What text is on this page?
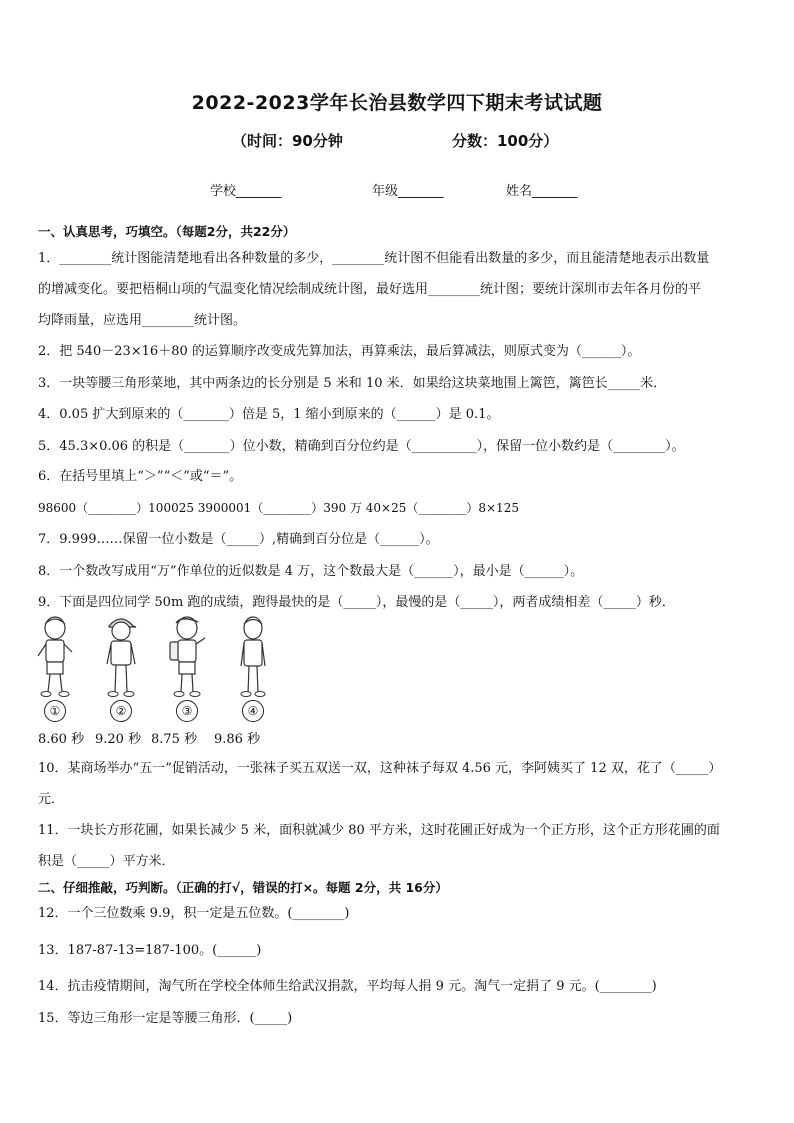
2022-2023学年长治县数学四下期末考试试题
（时间：90分钟	分数：100分）
学校_______	年级_______	姓名_______
一、认真思考，巧填空。（每题2分，共22分）
1．________统计图能清楚地看出各种数量的多少，________统计图不但能看出数量的多少，而且能清楚地表示出数量
的增减变化。要把梧桐山项的气温变化情况绘制成统计图，最好选用________统计图；要统计深圳市去年各月份的平
均降雨量，应选用________统计图。
2．把 540－23×16＋80 的运算顺序改变成先算加法，再算乘法，最后算减法，则原式变为（______）。
3．一块等腰三角形菜地，其中两条边的长分别是 5 米和 10 米．如果给这块菜地围上篱笆，篱笆长_____米．
4．0.05 扩大到原来的（_______）倍是 5，1 缩小到原来的（______）是 0.1。
5．45.3×0.06 的积是（_______）位小数，精确到百分位约是（__________），保留一位小数约是（________）。
6．在括号里填上“＞”“＜”或“＝”。
98600（________）100025 3900001（________）390 万 40×25（________）8×125
7．9.999……保留一位小数是（_____）,精确到百分位是（______）。
8．一个数改写成用“万”作单位的近似数是 4 万，这个数最大是（______），最小是（______）。
9．下面是四位同学 50m 跑的成绩，跑得最快的是（_____），最慢的是（_____），两者成绩相差（_____）秒．
①	②	③	④
8.60 秒 9.20 秒 8.75 秒 9.86 秒
10．某商场举办“五一”促销活动，一张袜子买五双送一双，这种袜子每双 4.56 元，李阿姨买了 12 双，花了（_____）
元．
11．一块长方形花圃，如果长减少 5 米，面积就减少 80 平方米，这时花圃正好成为一个正方形，这个正方形花圃的面
积是（_____）平方米．
二、仔细推敲，巧判断。（正确的打√，错误的打×。每题 2分，共 16分）
12．一个三位数乘 9.9，积一定是五位数。(________)
13．187-87-13=187-100。(______)
14．抗击疫情期间，淘气所在学校全体师生给武汉捐款，平均每人捐 9 元。淘气一定捐了 9 元。(________)
15．等边三角形一定是等腰三角形．(_____)
